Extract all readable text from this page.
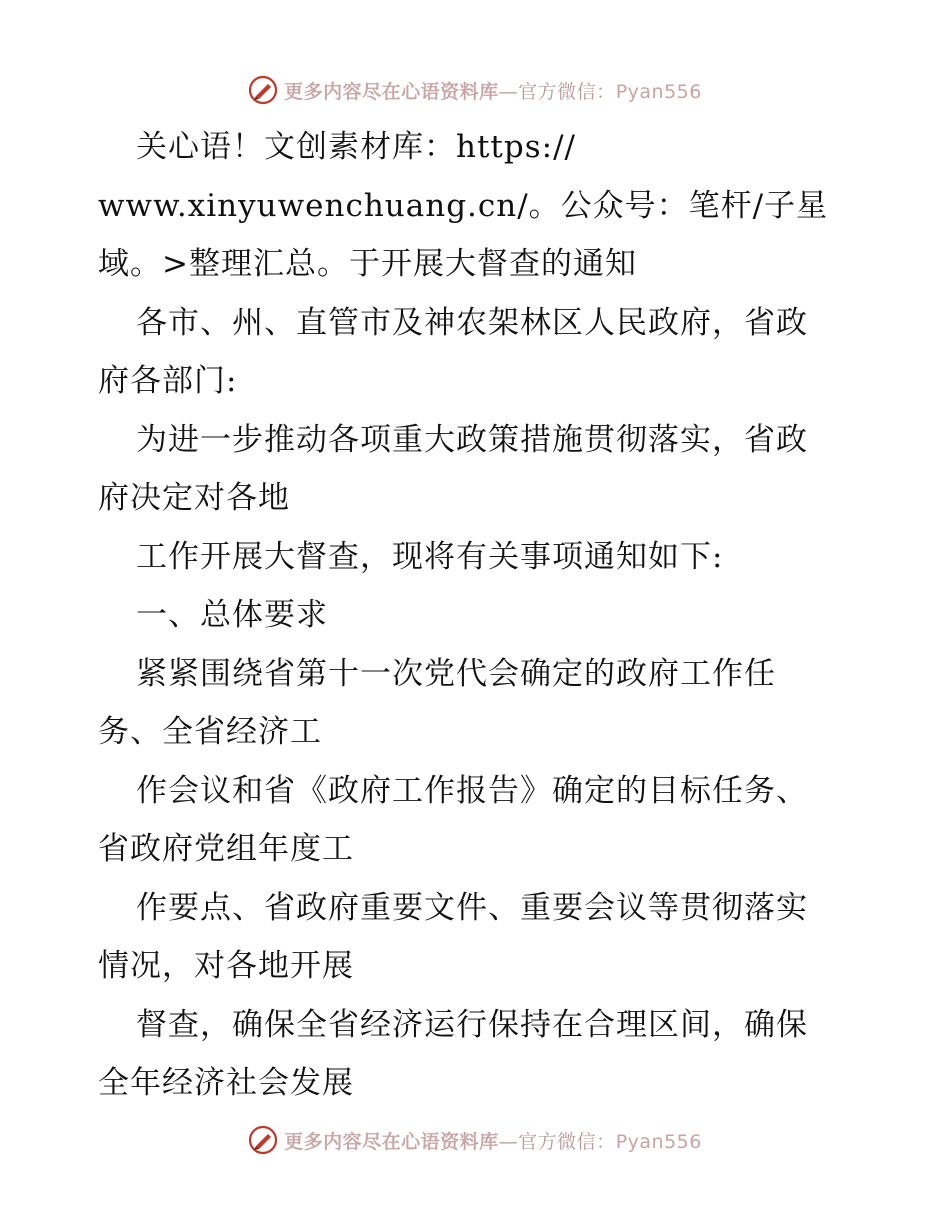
更多内容尽在心语资料库—官方微信：Pyan556
关心语！文创素材库：https://
www.xinyuwenchuang.cn/。公众号：笔杆/子星
域。>整理汇总。于开展大督查的通知
各市、州、直管市及神农架林区人民政府，省政
府各部门:
为进一步推动各项重大政策措施贯彻落实，省政
府决定对各地
工作开展大督查，现将有关事项通知如下:
一、总体要求
紧紧围绕省第十一次党代会确定的政府工作任
务、全省经济工
作会议和省《政府工作报告》确定的目标任务、
省政府党组年度工
作要点、省政府重要文件、重要会议等贯彻落实
情况，对各地开展
督查，确保全省经济运行保持在合理区间，确保
全年经济社会发展
更多内容尽在心语资料库—官方微信：Pyan556
